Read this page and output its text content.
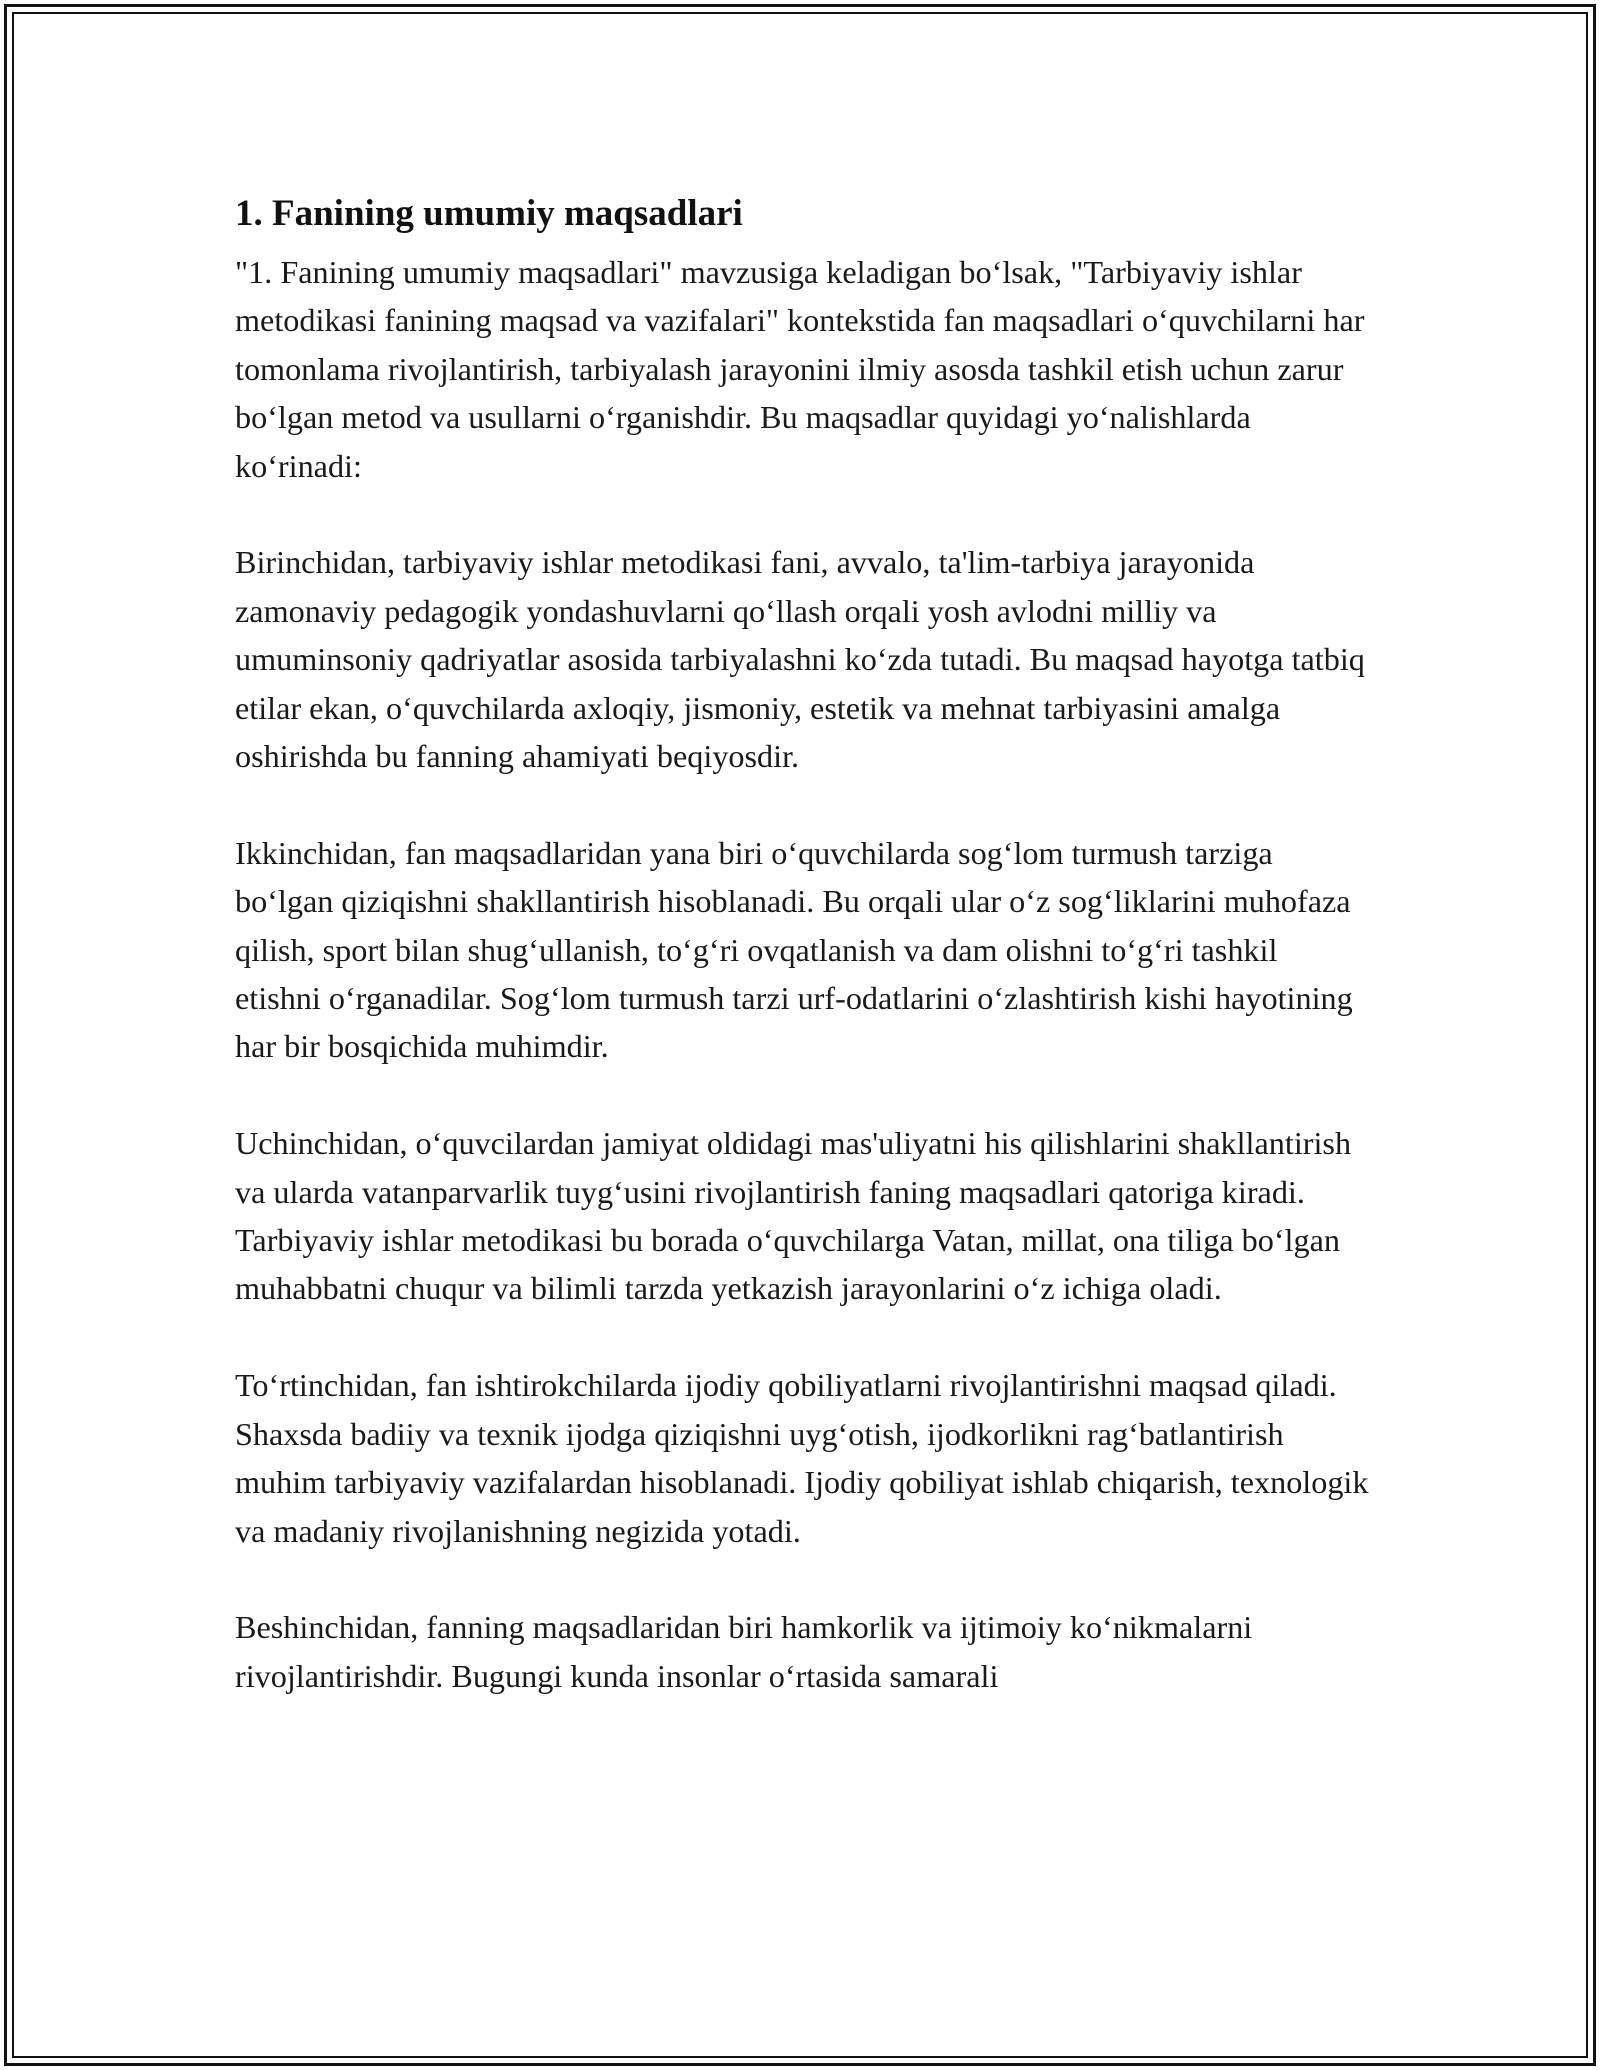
1. Fanining umumiy maqsadlari

"1. Fanining umumiy maqsadlari" mavzusiga keladigan bo‘lsak, "Tarbiyaviy ishlar metodikasi fanining maqsad va vazifalari" kontekstida fan maqsadlari o‘quvchilarni har tomonlama rivojlantirish, tarbiyalash jarayonini ilmiy asosda tashkil etish uchun zarur bo‘lgan metod va usullarni o‘rganishdir. Bu maqsadlar quyidagi yo‘nalishlarda ko‘rinadi:

Birinchidan, tarbiyaviy ishlar metodikasi fani, avvalo, ta'lim-tarbiya jarayonida zamonaviy pedagogik yondashuvlarni qo‘llash orqali yosh avlodni milliy va umuminsoniy qadriyatlar asosida tarbiyalashni ko‘zda tutadi. Bu maqsad hayotga tatbiq etilar ekan, o‘quvchilarda axloqiy, jismoniy, estetik va mehnat tarbiyasini amalga oshirishda bu fanning ahamiyati beqiyosdir.

Ikkinchidan, fan maqsadlaridan yana biri o‘quvchilarda sog‘lom turmush tarziga bo‘lgan qiziqishni shakllantirish hisoblanadi. Bu orqali ular o‘z sog‘liklarini muhofaza qilish, sport bilan shug‘ullanish, to‘g‘ri ovqatlanish va dam olishni to‘g‘ri tashkil etishni o‘rganadilar. Sog‘lom turmush tarzi urf-odatlarini o‘zlashtirish kishi hayotining har bir bosqichida muhimdir.

Uchinchidan, o‘quvcilardan jamiyat oldidagi mas'uliyatni his qilishlarini shakllantirish va ularda vatanparvarlik tuyg‘usini rivojlantirish faning maqsadlari qatoriga kiradi. Tarbiyaviy ishlar metodikasi bu borada o‘quvchilarga Vatan, millat, ona tiliga bo‘lgan muhabbatni chuqur va bilimli tarzda yetkazish jarayonlarini o‘z ichiga oladi.

To‘rtinchidan, fan ishtirokchilarda ijodiy qobiliyatlarni rivojlantirishni maqsad qiladi. Shaxsda badiiy va texnik ijodga qiziqishni uyg‘otish, ijodkorlikni rag‘batlantirish muhim tarbiyaviy vazifalardan hisoblanadi. Ijodiy qobiliyat ishlab chiqarish, texnologik va madaniy rivojlanishning negizida yotadi.

Beshinchidan, fanning maqsadlaridan biri hamkorlik va ijtimoiy ko‘nikmalarni rivojlantirishdir. Bugungi kunda insonlar o‘rtasida samarali
